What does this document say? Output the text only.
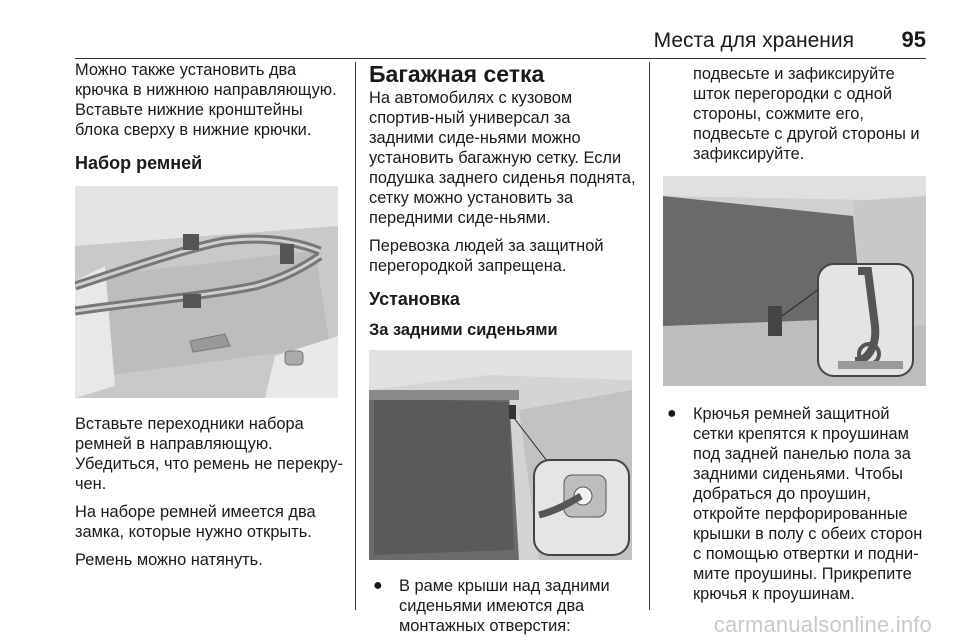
Места для хранения 95

Можно также установить два крючка в нижнюю направляющую. Вставьте нижние кронштейны блока сверху в нижние крючки.

Набор ремней

Вставьте переходники набора ремней в направляющую. Убедиться, что ремень не перекру‐чен.

На наборе ремней имеется два замка, которые нужно открыть.

Ремень можно натянуть.

Багажная сетка

На автомобилях с кузовом спортив‐ный универсал за задними сиде‐ньями можно установить багажную сетку. Если подушка заднего сиденья поднята, сетку можно установить за передними сиде‐ньями.

Перевозка людей за защитной перегородкой запрещена.

Установка
За задними сиденьями
● В раме крыши над задними сиденьями имеются два монтажных отверстия:

подвесьте и зафиксируйте шток перегородки с одной стороны, сожмите его, подвесьте с другой стороны и зафиксируйте.

● Крючья ремней защитной сетки крепятся к проушинам под задней панелью пола за задними сиденьями. Чтобы добраться до проушин, откройте перфорированные крышки в полу с обеих сторон с помощью отвертки и подни‐мите проушины. Прикрепите крючья к проушинам.

carmanualsonline.info
